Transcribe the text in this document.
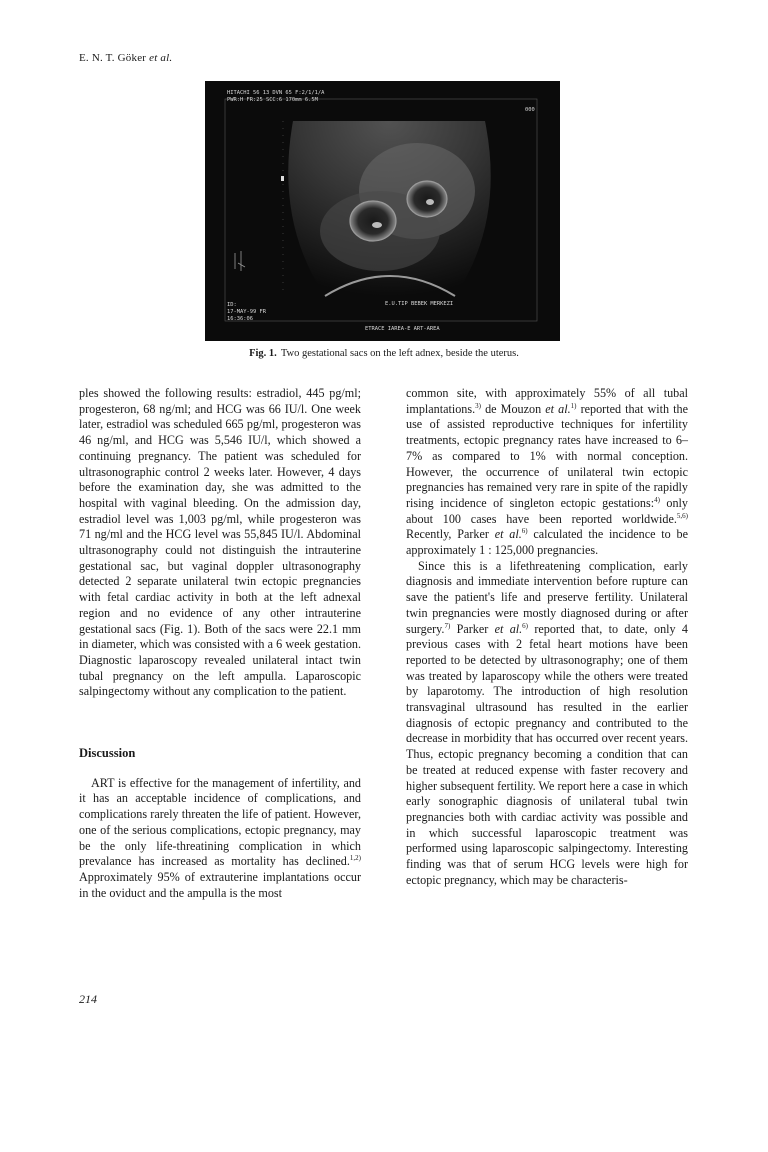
E. N. T. Göker et al.
HITACHI 56 13 DVN 65 F:2/1/1/A
PWR:H FR:25 SCC:6 170mm 6.5M
000
ID:
17-MAY-99 FR
16:36:06
E.U.TIP BEBEK MERKEZI
ETRACE IAREA-E ART-AREA
Fig. 1. Two gestational sacs on the left adnex, beside the uterus.

ples showed the following results: estradiol, 445 pg/ml; progesteron, 68 ng/ml; and HCG was 66 IU/l. One week later, estradiol was scheduled 665 pg/ml, progesteron was 46 ng/ml, and HCG was 5,546 IU/l, which showed a continuing pregnancy. The patient was scheduled for ultrasonographic control 2 weeks later. However, 4 days before the examination day, she was admitted to the hospital with vaginal bleeding. On the admission day, estradiol level was 1,003 pg/ml, while progesteron was 71 ng/ml and the HCG level was 55,845 IU/l. Abdominal ultrasonography could not distinguish the intrauterine gestational sac, but vaginal doppler ultrasonography detected 2 separate unilateral twin ectopic pregnancies with fetal cardiac activity in both at the left adnexal region and no evidence of any other intrauterine gestational sacs (Fig. 1). Both of the sacs were 22.1 mm in diameter, which was consisted with a 6 week gestation. Diagnostic laparoscopy revealed unilateral intact twin tubal pregnancy on the left ampulla. Laparoscopic salpingectomy without any complication to the patient.

Discussion

ART is effective for the management of infertility, and it has an acceptable incidence of complications, and complications rarely threaten the life of patient. However, one of the serious complications, ectopic pregnancy, may be the only life-threatining complication in which prevalance has increased as mortality has declined.$^{1,2)}$ Approximately 95% of extrauterine implantations occur in the oviduct and the ampulla is the most

common site, with approximately 55% of all tubal implantations.$^{3)}$ de Mouzon et al.$^{1)}$ reported that with the use of assisted reproductive techniques for infertility treatments, ectopic pregnancy rates have increased to 6–7% as compared to 1% with normal conception. However, the occurrence of unilateral twin ectopic pregnancies has remained very rare in spite of the rapidly rising incidence of singleton ectopic gestations:$^{4)}$ only about 100 cases have been reported worldwide.$^{5,6)}$ Recently, Parker et al.$^{6)}$ calculated the incidence to be approximately 1 : 125,000 pregnancies.

Since this is a lifethreatening complication, early diagnosis and immediate intervention before rupture can save the patient's life and preserve fertility. Unilateral twin pregnancies were mostly diagnosed during or after surgery.$^{7)}$ Parker et al.$^{6)}$ reported that, to date, only 4 previous cases with 2 fetal heart motions have been reported to be detected by ultrasonography; one of them was treated by laparoscopy while the others were treated by laparotomy. The introduction of high resolution transvaginal ultrasound has resulted in the earlier diagnosis of ectopic pregnancy and contributed to the decrease in morbidity that has occurred over recent years. Thus, ectopic pregnancy becoming a condition that can be treated at reduced expense with faster recovery and higher subsequent fertility. We report here a case in which early sonographic diagnosis of unilateral tubal twin pregnancies both with cardiac activity was possible and in which successful laparoscopic treatment was performed using laparoscopic salpingectomy. Interesting finding was that of serum HCG levels were high for ectopic pregnancy, which may be characteris-

214
